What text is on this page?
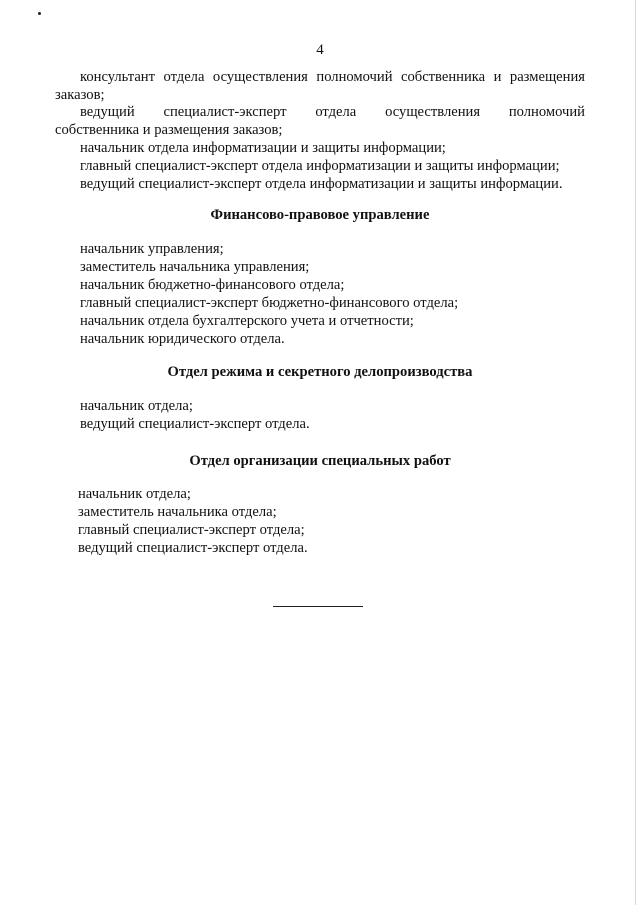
4
консультант отдела осуществления полномочий собственника и размещения
заказов;
ведущий специалист-эксперт отдела осуществления полномочий
собственника и размещения заказов;
начальник отдела информатизации и защиты информации;
главный специалист-эксперт отдела информатизации и защиты информации;
ведущий специалист-эксперт отдела информатизации и защиты информации.
Финансово-правовое управление
начальник управления;
заместитель начальника управления;
начальник бюджетно-финансового отдела;
главный специалист-эксперт бюджетно-финансового отдела;
начальник отдела бухгалтерского учета и отчетности;
начальник юридического отдела.
Отдел режима и секретного делопроизводства
начальник отдела;
ведущий специалист-эксперт отдела.
Отдел организации специальных работ
начальник отдела;
заместитель начальника отдела;
главный специалист-эксперт отдела;
ведущий специалист-эксперт отдела.
